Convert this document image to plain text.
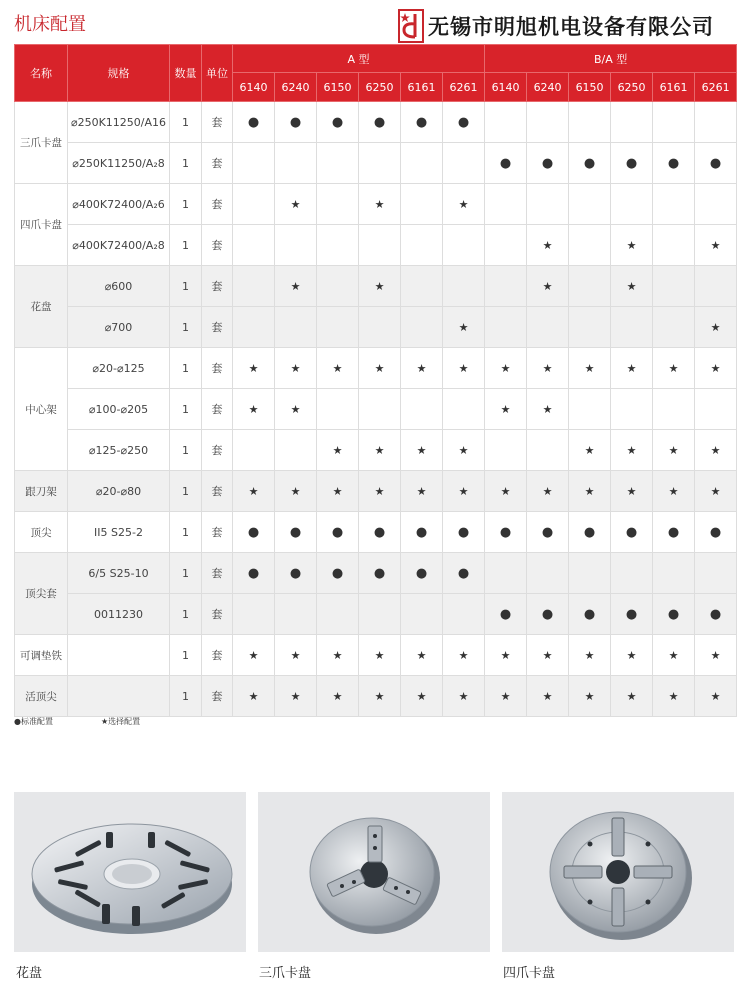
机床配置	无锡市明旭机电设备有限公司
名称	规格	数量	单位	A 型						B/A 型					
				6140	6240	6150	6250	6161	6261	6140	6240	6150	6250	6161	6261
三爪卡盘	⌀250K11250/A16	1	套	●	●	●	●	●	●						
	⌀250K11250/A₂8	1	套							●	●	●	●	●	●
四爪卡盘	⌀400K72400/A₂6	1	套		★		★		★						
	⌀400K72400/A₂8	1	套								★		★		★
花盘	⌀600	1	套		★		★				★		★		
	⌀700	1	套						★						★
中心架	⌀20-⌀125	1	套	★	★	★	★	★	★	★	★	★	★	★	★
	⌀100-⌀205	1	套	★	★					★	★				
	⌀125-⌀250	1	套			★	★	★	★			★	★	★	★
跟刀架	⌀20-⌀80	1	套	★	★	★	★	★	★	★	★	★	★	★	★
顶尖	II5 S25-2	1	套	●	●	●	●	●	●	●	●	●	●	●	●
顶尖套	6/5 S25-10	1	套	●	●	●	●	●	●						
	0011230	1	套							●	●	●	●	●	●
可调垫铁		1	套	★	★	★	★	★	★	★	★	★	★	★	★
活顶尖		1	套	★	★	★	★	★	★	★	★	★	★	★	★
●标准配置	★选择配置
花盘	三爪卡盘	四爪卡盘
